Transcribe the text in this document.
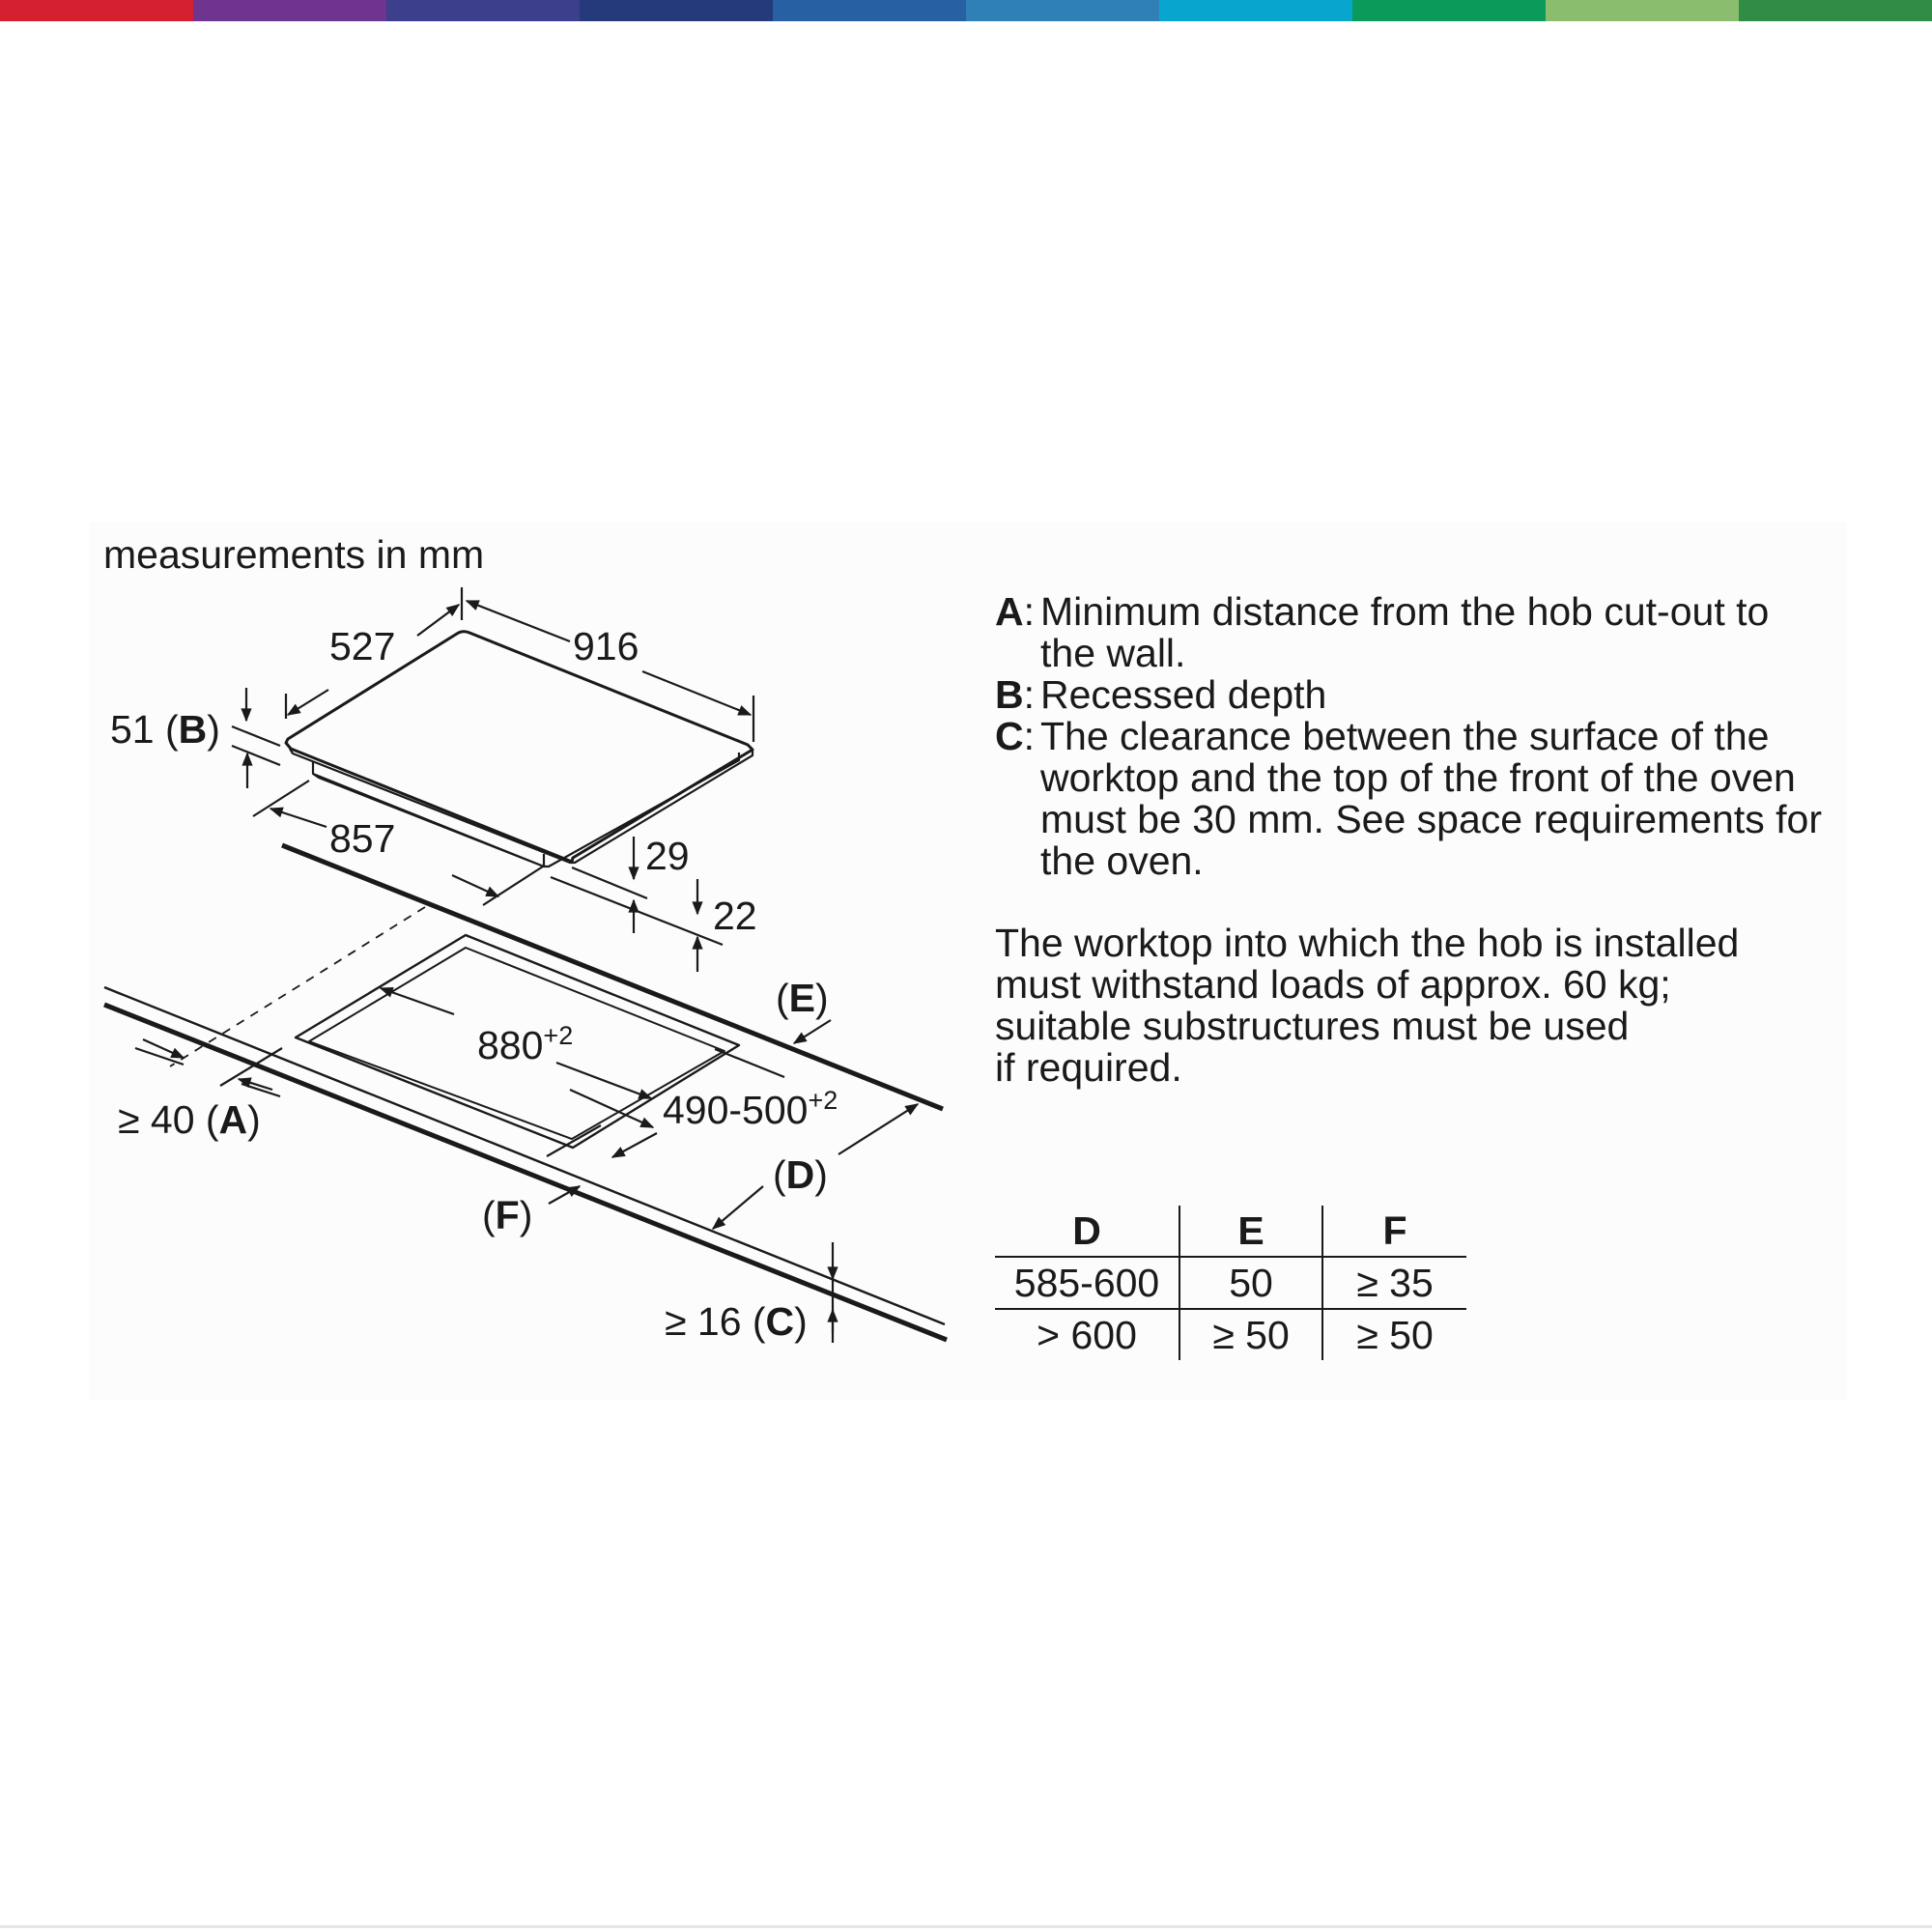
measurements in mm
527	916
51 (B)
857	29
22
(E)
$880^{+2}$
$490-500^{+2}$
(D)
≥ 40 (A)
(F)
≥ 16 (C)
A : Minimum distance from the hob cut-out to the wall.
B : Recessed depth
C : The clearance between the surface of the worktop and the top of the front of the oven must be 30 mm. See space requirements for the oven.
The worktop into which the hob is installed
must withstand loads of approx. 60 kg;
suitable substructures must be used
if required.
D	E	F
585-600	50	≥ 35
> 600	≥ 50	≥ 50
